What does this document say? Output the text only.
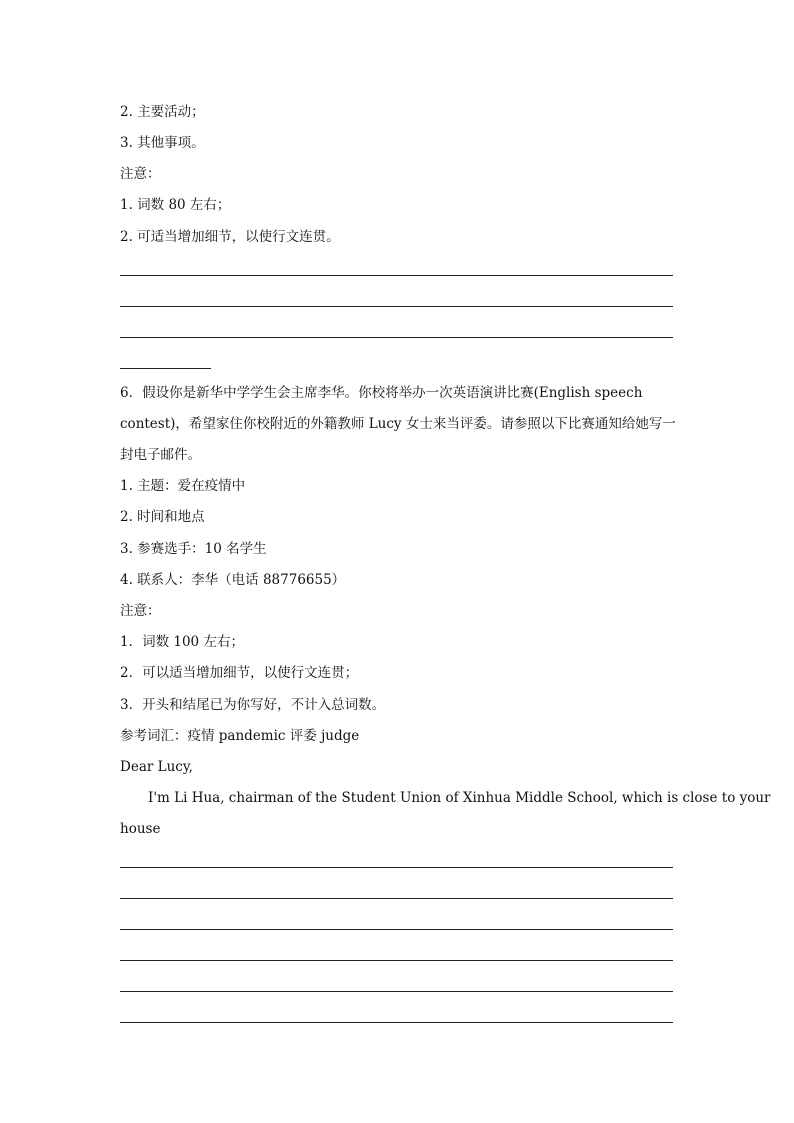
2. 主要活动；
3. 其他事项。
注意：
1. 词数 80 左右；
2. 可适当增加细节，以使行文连贯。
6．假设你是新华中学学生会主席李华。你校将举办一次英语演讲比赛(English speech
contest)，希望家住你校附近的外籍教师 Lucy 女士来当评委。请参照以下比赛通知给她写一
封电子邮件。
1. 主题：爱在疫情中
2. 时间和地点
3. 参赛选手：10 名学生
4. 联系人：李华（电话 88776655）
注意：
1．词数 100 左右；
2．可以适当增加细节，以使行文连贯；
3．开头和结尾已为你写好，不计入总词数。
参考词汇：疫情 pandemic 评委 judge
Dear Lucy,
I'm Li Hua, chairman of the Student Union of Xinhua Middle School, which is close to your
house
